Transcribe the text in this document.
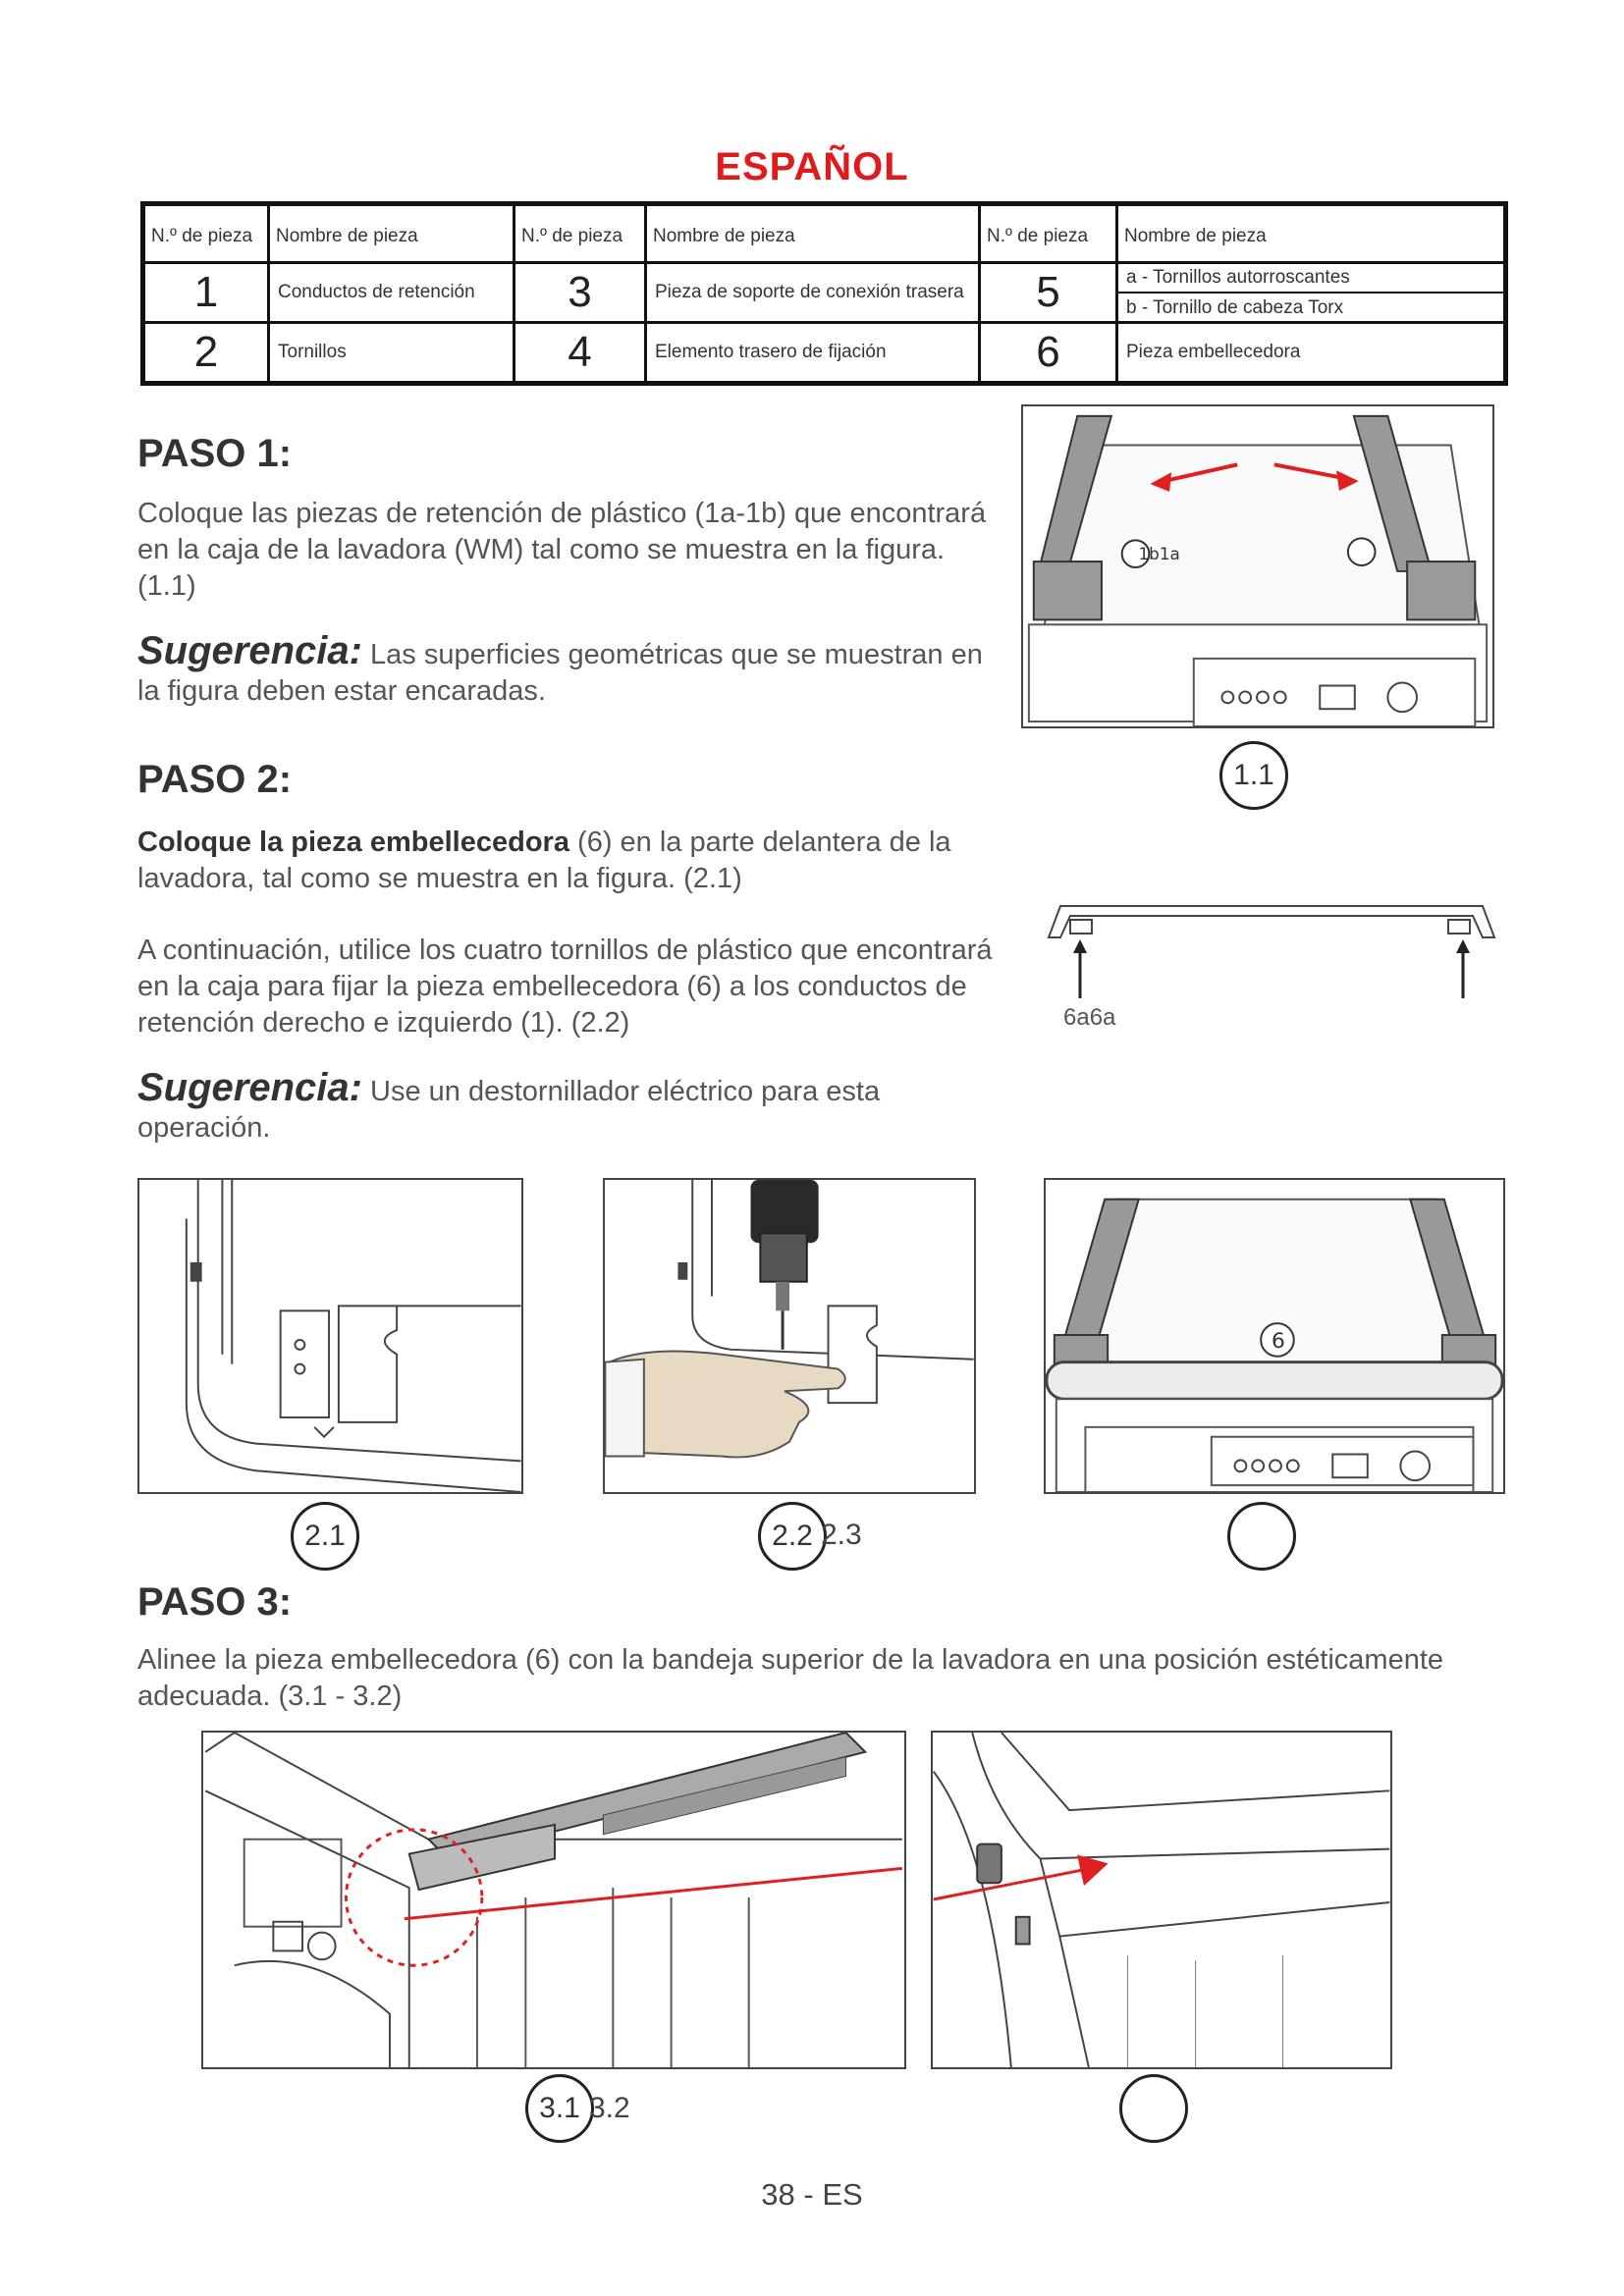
ESPAÑOL
N.º de pieza	Nombre de pieza	N.º de pieza	Nombre de pieza	N.º de pieza	Nombre de pieza
1	Conductos de retención	3	Pieza de soporte de conexión trasera	5	a - Tornillos autorroscantes
b - Tornillo de cabeza Torx

2	Tornillos	4	Elemento trasero de fijación	6	Pieza embellecedora
PASO 1:

Coloque las piezas de retención de plástico (1a-1b) que encontrará en la caja de la lavadora (WM) tal como se muestra en la figura. (1.1)

Sugerencia: Las superficies geométricas que se muestran en la figura deben estar encaradas.

1b1a
1.1
PASO 2:

Coloque la pieza embellecedora (6) en la parte delantera de la lavadora, tal como se muestra en la figura. (2.1)

A continuación, utilice los cuatro tornillos de plástico que encontrará en la caja para fijar la pieza embellecedora (6) a los conductos de retención derecho e izquierdo (1). (2.2)

Sugerencia: Use un destornillador eléctrico para esta operación.

6a6a
2.1	2.2 2.3
6
PASO 3:

Alinee la pieza embellecedora (6) con la bandeja superior de la lavadora en una posición estéticamente adecuada. (3.1 - 3.2)

3.1 3.2
38 - ES
